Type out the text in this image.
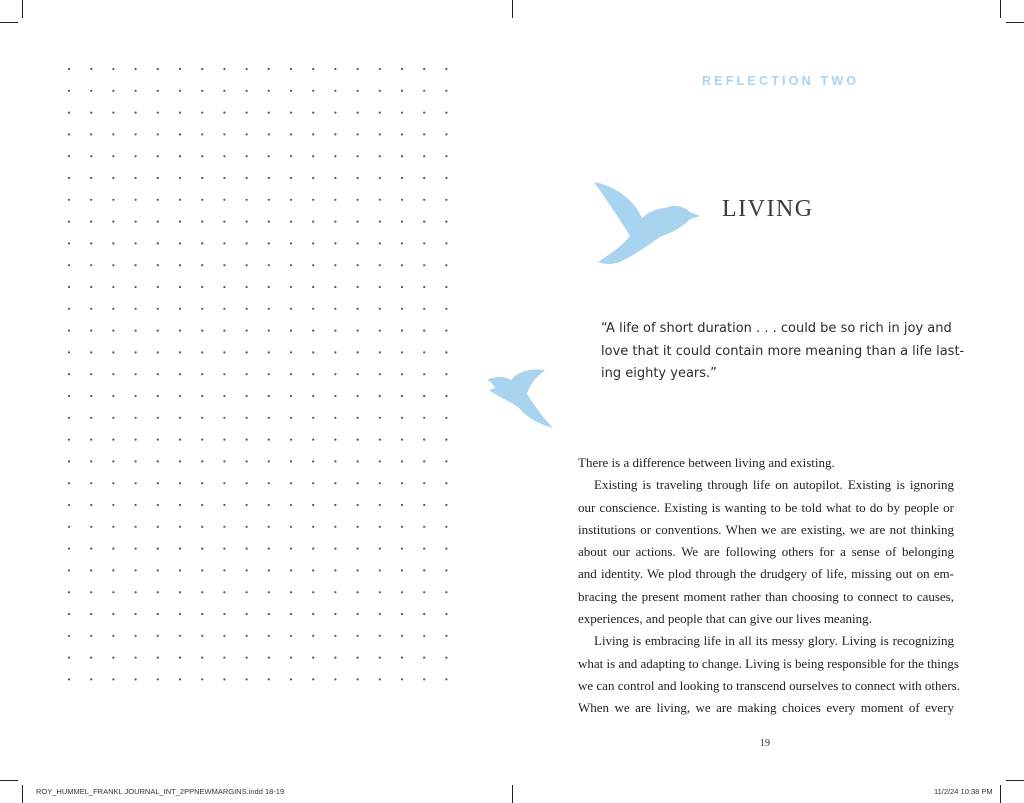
REFLECTION TWO
LIVING
“A life of short duration . . . could be so rich in joy and
love that it could contain more meaning than a life last-
ing eighty years.”
There is a difference between living and existing.
Existing is traveling through life on autopilot. Existing is ignoring
our conscience. Existing is wanting to be told what to do by people or
institutions or conventions. When we are existing, we are not thinking
about our actions. We are following others for a sense of belonging
and identity. We plod through the drudgery of life, missing out on em-
bracing the present moment rather than choosing to connect to causes,
experiences, and people that can give our lives meaning.
Living is embracing life in all its messy glory. Living is recognizing
what is and adapting to change. Living is being responsible for the things
we can control and looking to transcend ourselves to connect with others.
When we are living, we are making choices every moment of every
19
ROY_HUMMEL_FRANKL JOURNAL_INT_2PPNEWMARGINS.indd 18-19	11/2/24 10:38 PM
